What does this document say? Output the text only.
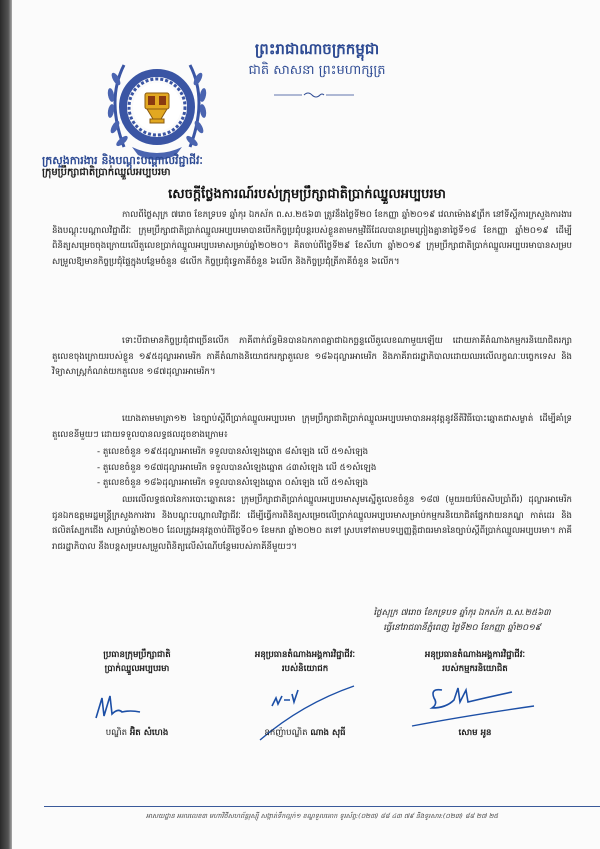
ព្រះរាជាណាចក្រកម្ពុជា
ជាតិ សាសនា ព្រះមហាក្សត្រ
ក្រសួងការងារ និងបណ្តុះបណ្តាលវិជ្ជាជីវៈ
ក្រុមប្រឹក្សាជាតិប្រាក់ឈ្នួលអប្បបរមា
សេចក្តីថ្លែងការណ៍របស់ក្រុមប្រឹក្សាជាតិប្រាក់ឈ្នួលអប្បបរមា
កាលពីថ្ងៃសុក្រ ៧រោច ខែភទ្របទ ឆ្នាំកុរ ឯកស័ក ព.ស.២៥៦៣ ត្រូវនឹងថ្ងៃទី២០ ខែកញ្ញា ឆ្នាំ២០១៩ វេលាម៉ោង៩ព្រឹក នៅទីស្តីការក្រសួងការងារ និងបណ្តុះបណ្តាលវិជ្ជាជីវៈ ក្រុមប្រឹក្សាជាតិប្រាក់ឈ្នួលអប្បបរមាបានបើកកិច្ចប្រជុំបន្តរបស់ខ្លួនតាមកម្មវិធីដែលបានព្រមព្រៀងគ្នានាថ្ងៃទី១៨ ខែកញ្ញា ឆ្នាំ២០១៩ ដើម្បីពិនិត្យសម្រេចចុងក្រោយលើតួលេខប្រាក់ឈ្នួលអប្បបរមាសម្រាប់ឆ្នាំ២០២០។ គិតចាប់ពីថ្ងៃទី២៩ ខែសីហា ឆ្នាំ២០១៩ ក្រុមប្រឹក្សាជាតិប្រាក់ឈ្នួលអប្បបរមាបានសម្របសម្រួលឱ្យមានកិច្ចប្រជុំផ្ទៃក្នុងបន្ថែមចំនួន ៨លើក កិច្ចប្រជុំទ្វេភាគីចំនួន ៦លើក និងកិច្ចប្រជុំត្រីភាគីចំនួន ៦លើក។
ទោះបីជាមានកិច្ចប្រជុំជាច្រើនលើក ភាគីពាក់ព័ន្ធមិនបានឯកភាពគ្នាជាឯកច្ឆន្ទលើតួលេខណាមួយឡើយ ដោយភាគីតំណាងកម្មករនិយោជិតរក្សាតួលេខចុងក្រោយរបស់ខ្លួន ១៩៥ដុល្លារអាមេរិក ភាគីតំណាងនិយោជករក្សាតួលេខ ១៨៦ដុល្លារអាមេរិក និងភាគីរាជរដ្ឋាភិបាលដោយឈរលើលក្ខណៈបច្ចេកទេស និងវិទ្យាសាស្ត្រកំណត់យកតួលេខ ១៨៧ដុល្លារអាមេរិក។
យោងតាមមាត្រា១២ នៃច្បាប់ស្តីពីប្រាក់ឈ្នួលអប្បបរមា ក្រុមប្រឹក្សាជាតិប្រាក់ឈ្នួលអប្បបរមាបានអនុវត្តនូវនីតិវិធីបោះឆ្នោតជាសម្ងាត់ ដើម្បីគាំទ្រតួលេខនីមួយៗ ដោយទទួលបានលទ្ធផលដូចខាងក្រោម៖
- តួលេខចំនួន ១៩៥ដុល្លារអាមេរិក ទទួលបានសំឡេងឆ្នោត ៨សំឡេង លើ ៥១សំឡេង
- តួលេខចំនួន ១៨៧ដុល្លារអាមេរិក ទទួលបានសំឡេងឆ្នោត ៤៣សំឡេង លើ ៥១សំឡេង
- តួលេខចំនួន ១៨៦ដុល្លារអាមេរិក ទទួលបានសំឡេងឆ្នោត ០សំឡេង លើ ៥១សំឡេង
ឈរលើលទ្ធផលនៃការបោះឆ្នោតនេះ ក្រុមប្រឹក្សាជាតិប្រាក់ឈ្នួលអប្បបរមាសូមស្នើតួលេខចំនួន ១៨៧ (មួយរយប៉ែតសិបប្រាំពីរ) ដុល្លារអាមេរិក ជូនឯកឧត្តមរដ្ឋមន្ត្រីក្រសួងការងារ និងបណ្តុះបណ្តាលវិជ្ជាជីវៈ ដើម្បីធ្វើការពិនិត្យសម្រេចលើប្រាក់ឈ្នួលអប្បបរមាសម្រាប់កម្មករនិយោជិតផ្នែកវាយនភណ្ឌ កាត់ដេរ និងផលិតស្បែកជើង សម្រាប់ឆ្នាំ២០២០ ដែលត្រូវអនុវត្តចាប់ពីថ្ងៃទី០១ ខែមករា ឆ្នាំ២០២០ តទៅ ស្របទៅតាមបទប្បញ្ញត្តិជាធរមាននៃច្បាប់ស្តីពីប្រាក់ឈ្នួលអប្បបរមា។ ភាគីរាជរដ្ឋាភិបាល នឹងបន្តសម្របសម្រួលពិនិត្យលើសំណើបន្ថែមរបស់ភាគីនីមួយៗ។
ថ្ងៃសុក្រ ៧រោច ខែភទ្របទ ឆ្នាំកុរ ឯកស័ក ព.ស.២៥៦៣
ធ្វើនៅរាជធានីភ្នំពេញ ថ្ងៃទី២០ ខែកញ្ញា ឆ្នាំ២០១៩
ប្រធានក្រុមប្រឹក្សាជាតិ
ប្រាក់ឈ្នួលអប្បបរមា
បណ្ឌិត អ៊ិត សំហេង
អនុប្រធានតំណាងអង្គការវិជ្ជាជីវៈ
របស់និយោជក
ឧកញ៉ាបណ្ឌិត ណាង សុធី
អនុប្រធានតំណាងអង្គការវិជ្ជាជីវៈ
របស់កម្មករនិយោជិត
សោម អូន
អាសយដ្ឋាន អគារលេខ៣ មហាវិថីសហព័ន្ធរុស្ស៊ី សង្កាត់ទឹកល្អក់១ ខណ្ឌទួលគោក ទូរស័ព្ទ:(០២៣) ៨៨ ៤៣ ៧៩ និងទូរសារ:(០២៣) ៨៨ ២៧ ២៥
